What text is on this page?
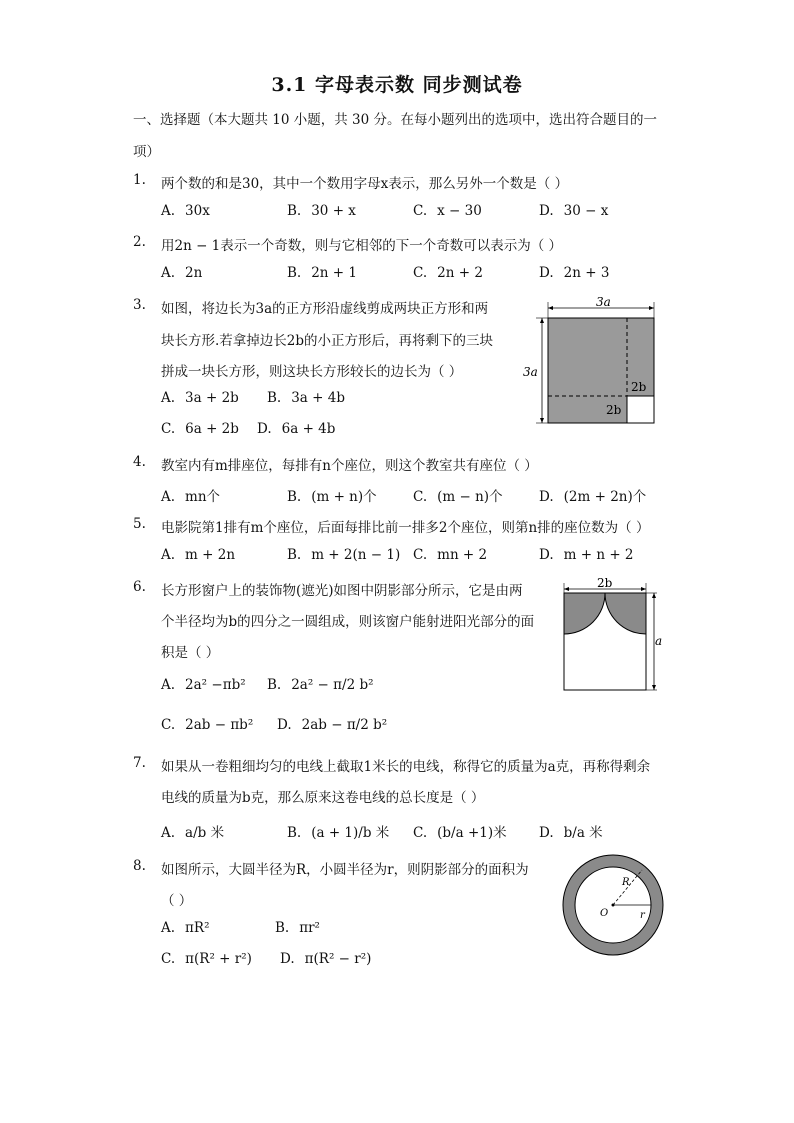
3.1 字母表示数 同步测试卷
一、选择题（本大题共 10 小题，共 30 分。在每小题列出的选项中，选出符合题目的一
项）
1. 两个数的和是30，其中一个数用字母x表示，那么另外一个数是（ ）
A. 30x	B. 30 + x	C. x − 30	D. 30 − x
2. 用2n − 1表示一个奇数，则与它相邻的下一个奇数可以表示为（ ）
A. 2n	B. 2n + 1	C. 2n + 2	D. 2n + 3
3. 如图，将边长为3a的正方形沿虚线剪成两块正方形和两
块长方形.若拿掉边长2b的小正方形后，再将剩下的三块
拼成一块长方形，则这块长方形较长的边长为（ ）
A. 3a + 2b B. 3a + 4b
C. 6a + 2b D. 6a + 4b
3a
3a
2b
2b
4. 教室内有m排座位，每排有n个座位，则这个教室共有座位（ ）
A. mn个	B. (m + n)个	C. (m − n)个	D. (2m + 2n)个
5. 电影院第1排有m个座位，后面每排比前一排多2个座位，则第n排的座位数为（ ）
A. m + 2n	B. m + 2(n − 1) C. mn + 2	D. m + n + 2
6. 长方形窗户上的装饰物(遮光)如图中阴影部分所示，它是由两
个半径均为b的四分之一圆组成，则该窗户能射进阳光部分的面
积是（ ）
A. 2a² −πb² B. 2a² − π/2 b²
C. 2ab − πb² D. 2ab − π/2 b²
2b
a
7. 如果从一卷粗细均匀的电线上截取1米长的电线，称得它的质量为a克，再称得剩余
电线的质量为b克，那么原来这卷电线的总长度是（ ）
A. a/b 米	B. (a + 1)/b 米 C. (b/a +1)米 D. b/a 米
8. 如图所示，大圆半径为R，小圆半径为r，则阴影部分的面积为
（ ）
A. πR²	B. πr²
C. π(R² + r²) D. π(R² − r²)
O
R
r
